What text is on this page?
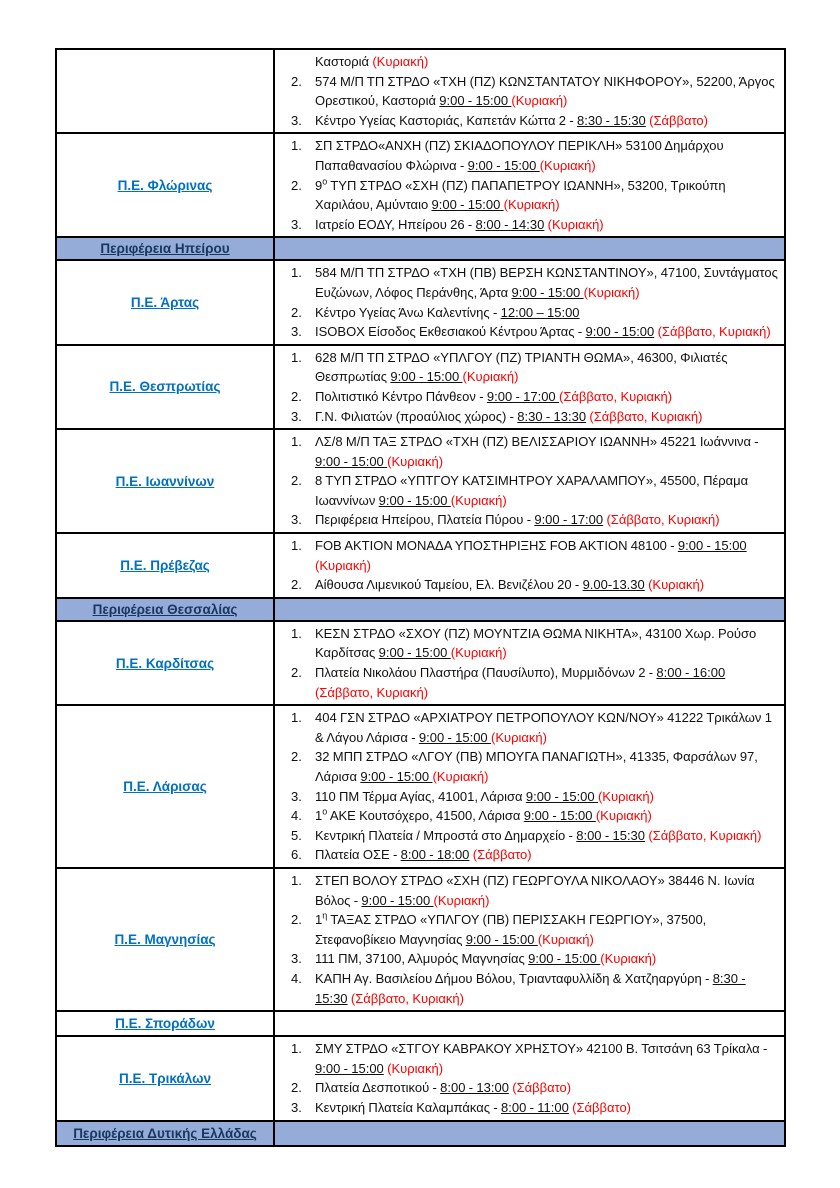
Καστοριά (Κυριακή)
2.	574 Μ/Π ΤΠ ΣΤΡΔΟ «ΤΧΗ (ΠΖ) ΚΩΝΣΤΑΝΤΑΤΟΥ ΝΙΚΗΦΟΡΟΥ», 52200, Άργος Ορεστικού, Καστοριά 9:00 - 15:00 (Κυριακή)
3.	Κέντρο Υγείας Καστοριάς, Καπετάν Κώττα 2 - 8:30 - 15:30 (Σάββατο)
Π.Ε. Φλώρινας
1.	ΣΠ ΣΤΡΔΟ«ΑΝΧΗ (ΠΖ) ΣΚΙΑΔΟΠΟΥΛΟΥ ΠΕΡΙΚΛΗ» 53100 Δημάρχου Παπαθανασίου Φλώρινα - 9:00 - 15:00 (Κυριακή)
2.	$9^o$ ΤΥΠ ΣΤΡΔΟ «ΣΧΗ (ΠΖ) ΠΑΠΑΠΕΤΡΟΥ ΙΩΑΝΝΗ», 53200, Τρικούπη Χαριλάου, Αμύνταιο 9:00 - 15:00 (Κυριακή)
3.	Ιατρείο ΕΟΔΥ, Ηπείρου 26 - 8:00 - 14:30 (Κυριακή)
Περιφέρεια Ηπείρου
Π.Ε. Άρτας
1.	584 Μ/Π ΤΠ ΣΤΡΔΟ «ΤΧΗ (ΠΒ) ΒΕΡΣΗ ΚΩΝΣΤΑΝΤΙΝΟΥ», 47100, Συντάγματος Ευζώνων, Λόφος Περάνθης, Άρτα 9:00 - 15:00 (Κυριακή)
2.	Κέντρο Υγείας Άνω Καλεντίνης - 12:00 – 15:00
3.	ISOBOX Είσοδος Εκθεσιακού Κέντρου Άρτας - 9:00 - 15:00 (Σάββατο, Κυριακή)
Π.Ε. Θεσπρωτίας
1.	628 Μ/Π ΤΠ ΣΤΡΔΟ «ΥΠΛΓΟΥ (ΠΖ) ΤΡΙΑΝΤΗ ΘΩΜΑ», 46300, Φιλιατές Θεσπρωτίας 9:00 - 15:00 (Κυριακή)
2.	Πολιτιστικό Κέντρο Πάνθεον - 9:00 - 17:00 (Σάββατο, Κυριακή)
3.	Γ.Ν. Φιλιατών (προαύλιος χώρος) - 8:30 - 13:30 (Σάββατο, Κυριακή)
Π.Ε. Ιωαννίνων
1.	ΛΣ/8 Μ/Π ΤΑΞ ΣΤΡΔΟ «ΤΧΗ (ΠΖ) ΒΕΛΙΣΣΑΡΙΟΥ ΙΩΑΝΝΗ» 45221 Ιωάννινα - 9:00 - 15:00 (Κυριακή)
2.	8 ΤΥΠ ΣΤΡΔΟ «ΥΠΤΓΟΥ ΚΑΤΣΙΜΗΤΡΟΥ ΧΑΡΑΛΑΜΠΟΥ», 45500, Πέραμα Ιωαννίνων 9:00 - 15:00 (Κυριακή)
3.	Περιφέρεια Ηπείρου, Πλατεία Πύρου - 9:00 - 17:00 (Σάββατο, Κυριακή)
Π.Ε. Πρέβεζας
1.	FOB AKTION ΜΟΝΑΔΑ ΥΠΟΣΤΗΡΙΞΗΣ FOB AKTION 48100 - 9:00 - 15:00 (Κυριακή)
2.	Αίθουσα Λιμενικού Ταμείου, Ελ. Βενιζέλου 20 - 9.00-13.30 (Κυριακή)
Περιφέρεια Θεσσαλίας
Π.Ε. Καρδίτσας
1.	ΚΕΣΝ ΣΤΡΔΟ «ΣΧΟΥ (ΠΖ) ΜΟΥΝΤΖΙΑ ΘΩΜΑ ΝΙΚΗΤΑ», 43100 Χωρ. Ρούσο Καρδίτσας 9:00 - 15:00 (Κυριακή)
2.	Πλατεία Νικολάου Πλαστήρα (Παυσίλυπο), Μυρμιδόνων 2 - 8:00 - 16:00 (Σάββατο, Κυριακή)
Π.Ε. Λάρισας
1.	404 ΓΣΝ ΣΤΡΔΟ «ΑΡΧΙΑΤΡΟΥ ΠΕΤΡΟΠΟΥΛΟΥ ΚΩΝ/ΝΟΥ» 41222 Τρικάλων 1 & Λάγου Λάρισα - 9:00 - 15:00 (Κυριακή)
2.	32 ΜΠΠ ΣΤΡΔΟ «ΛΓΟΥ (ΠΒ) ΜΠΟΥΓΑ ΠΑΝΑΓΙΩΤΗ», 41335, Φαρσάλων 97, Λάρισα 9:00 - 15:00 (Κυριακή)
3.	110 ΠΜ Τέρμα Αγίας, 41001, Λάρισα 9:00 - 15:00 (Κυριακή)
4.	$1^o$ ΑΚΕ Κουτσόχερο, 41500, Λάρισα 9:00 - 15:00 (Κυριακή)
5.	Κεντρική Πλατεία / Μπροστά στο Δημαρχείο - 8:00 - 15:30 (Σάββατο, Κυριακή)
6.	Πλατεία ΟΣΕ - 8:00 - 18:00 (Σάββατο)
Π.Ε. Μαγνησίας
1.	ΣΤΕΠ ΒΟΛΟΥ ΣΤΡΔΟ «ΣΧΗ (ΠΖ) ΓΕΩΡΓΟΥΛΑ ΝΙΚΟΛΑΟΥ» 38446 Ν. Ιωνία Βόλος - 9:00 - 15:00 (Κυριακή)
2.	$1^\eta$ ΤΑΞΑΣ ΣΤΡΔΟ «ΥΠΛΓΟΥ (ΠΒ) ΠΕΡΙΣΣΑΚΗ ΓΕΩΡΓΙΟΥ», 37500, Στεφανοβίκειο Μαγνησίας 9:00 - 15:00 (Κυριακή)
3.	111 ΠΜ, 37100, Αλμυρός Μαγνησίας 9:00 - 15:00 (Κυριακή)
4.	ΚΑΠΗ Αγ. Βασιλείου Δήμου Βόλου, Τριανταφυλλίδη & Χατζηαργύρη - 8:30 - 15:30 (Σάββατο, Κυριακή)
Π.Ε. Σποράδων
Π.Ε. Τρικάλων
1.	ΣΜΥ ΣΤΡΔΟ «ΣΤΓΟΥ ΚΑΒΡΑΚΟΥ ΧΡΗΣΤΟΥ» 42100 Β. Τσιτσάνη 63 Τρίκαλα - 9:00 - 15:00 (Κυριακή)
2.	Πλατεία Δεσποτικού - 8:00 - 13:00 (Σάββατο)
3.	Κεντρική Πλατεία Καλαμπάκας - 8:00 - 11:00 (Σάββατο)
Περιφέρεια Δυτικής Ελλάδας
